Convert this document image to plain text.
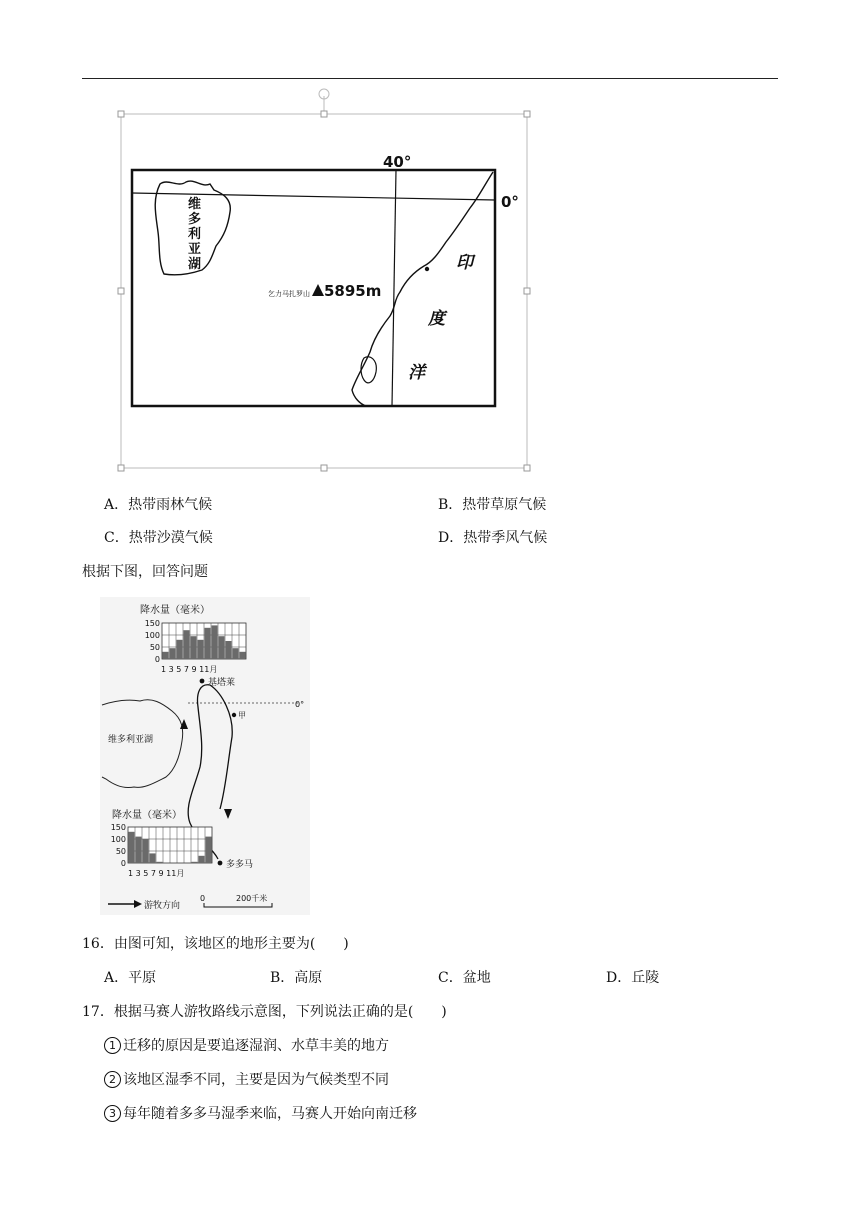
40°
0°
维
多
利
亚
湖
乞力马扎罗山 5895m
印
度
洋
A．热带雨林气候	B．热带草原气候
C．热带沙漠气候	D．热带季风气候
根据下图，回答问题
降水量（毫米）
150
100
50
0
1 3 5 7 9 11月
基塔莱
0°
甲
维多利亚湖
降水量（毫米）
150
100
50
0
1 3 5 7 9 11月
多多马
游牧方向
0	200千米
16．由图可知，该地区的地形主要为(　　)
A．平原	B．高原	C．盆地	D．丘陵
17．根据马赛人游牧路线示意图，下列说法正确的是(　　)
1 迁移的原因是要追逐湿润、水草丰美的地方
2 该地区湿季不同，主要是因为气候类型不同
3 每年随着多多马湿季来临，马赛人开始向南迁移
